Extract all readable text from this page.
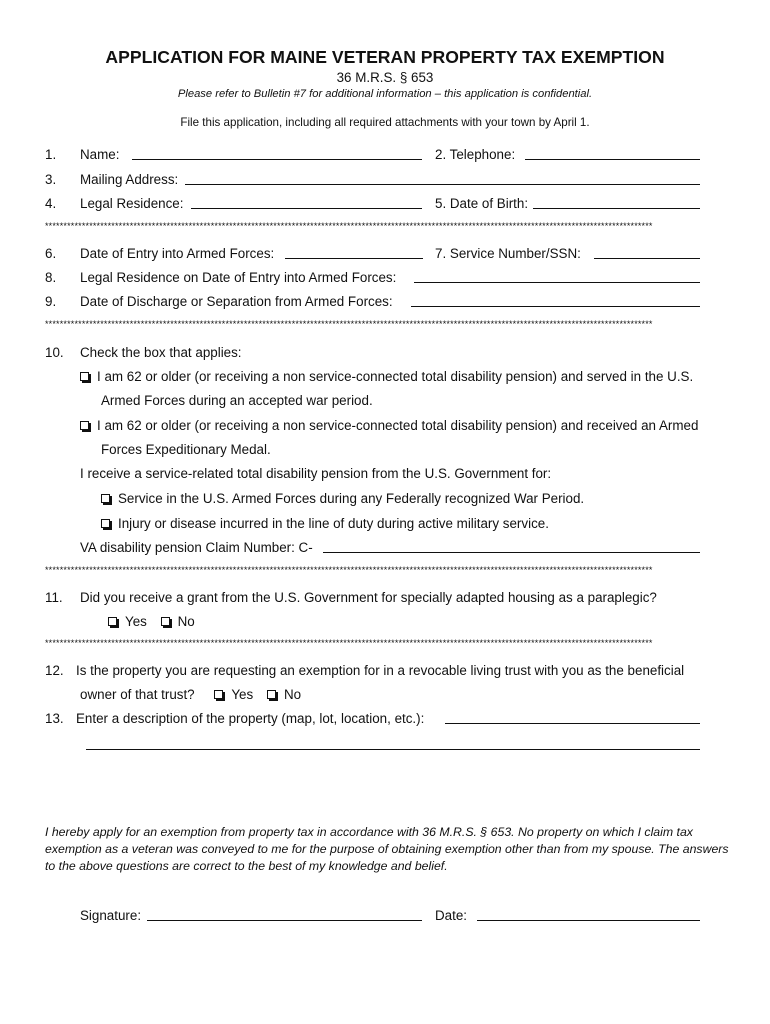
APPLICATION FOR MAINE VETERAN PROPERTY TAX EXEMPTION
36 M.R.S. § 653
Please refer to Bulletin #7 for additional information – this application is confidential.
File this application, including all required attachments with your town by April 1.
1. Name:	2. Telephone:
3. Mailing Address:
4. Legal Residence:	5. Date of Birth:
*********************************************************************************************************************************************************************
6. Date of Entry into Armed Forces:	7. Service Number/SSN:
8. Legal Residence on Date of Entry into Armed Forces:
9. Date of Discharge or Separation from Armed Forces:
*********************************************************************************************************************************************************************
10. Check the box that applies:
I am 62 or older (or receiving a non service-connected total disability pension) and served in the U.S.
Armed Forces during an accepted war period.
I am 62 or older (or receiving a non service-connected total disability pension) and received an Armed
Forces Expeditionary Medal.
I receive a service-related total disability pension from the U.S. Government for:
Service in the U.S. Armed Forces during any Federally recognized War Period.
Injury or disease incurred in the line of duty during active military service.
VA disability pension Claim Number: C-
*********************************************************************************************************************************************************************
11. Did you receive a grant from the U.S. Government for specially adapted housing as a paraplegic?
Yes No
*********************************************************************************************************************************************************************
12. Is the property you are requesting an exemption for in a revocable living trust with you as the beneficial
owner of that trust?	Yes No
13. Enter a description of the property (map, lot, location, etc.):
I hereby apply for an exemption from property tax in accordance with 36 M.R.S. § 653. No property on which I claim tax exemption as a veteran was conveyed to me for the purpose of obtaining exemption other than from my spouse. The answers to the above questions are correct to the best of my knowledge and belief.
Signature:	Date:
